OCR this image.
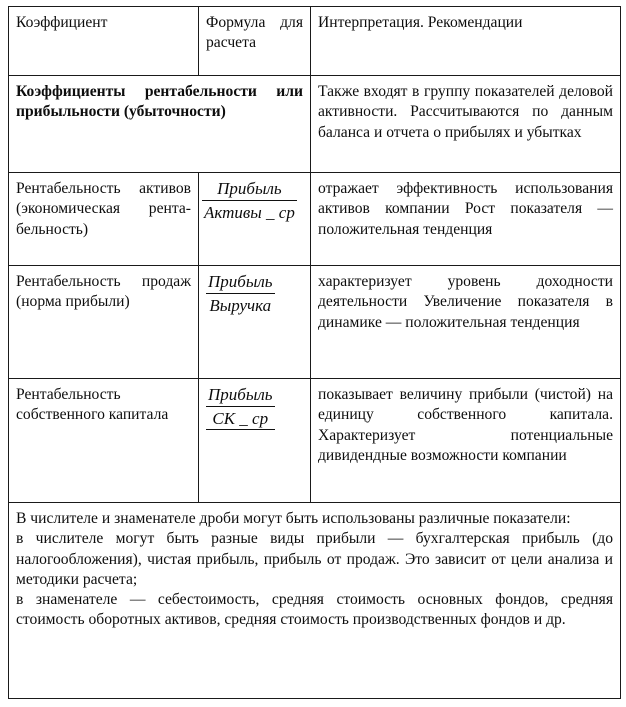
Коэффициент	Формула для расчета	Интерпретация. Рекомендации

Коэффициенты рентабельности или прибыльности (убыточности)		Также входят в группу показателей деловой активности. Рассчитываются по данным баланса и отчета о прибылях и убытках
Рентабельность активов (экономическая рентабельность)	$\frac{\text{Прибыль}}{\text{Активы \_ ср}}$	отражает эффективность использования активов компании Рост показателя — положительная тенденция
Рентабельность продаж (норма прибыли)	$\frac{\text{Прибыль}}{\text{Выручка}}$	характеризует уровень доходности деятельности Увеличение показателя в динамике — положительная тенденция
Рентабельность собственного капитала	$\frac{\text{Прибыль}}{СК \_ ср}$	показывает величину прибыли (чистой) на единицу собственного капитала. Характеризует потенциальные дивидендные возможности компании

В числителе и знаменателе дроби могут быть использованы различные показатели:

в числителе могут быть разные виды прибыли — бухгалтерская прибыль (до налогообложения), чистая прибыль, прибыль от продаж. Это зависит от цели анализа и методики расчета;

в знаменателе — себестоимость, средняя стоимость основных фондов, средняя стоимость оборотных активов, средняя стоимость производственных фондов и др.		
